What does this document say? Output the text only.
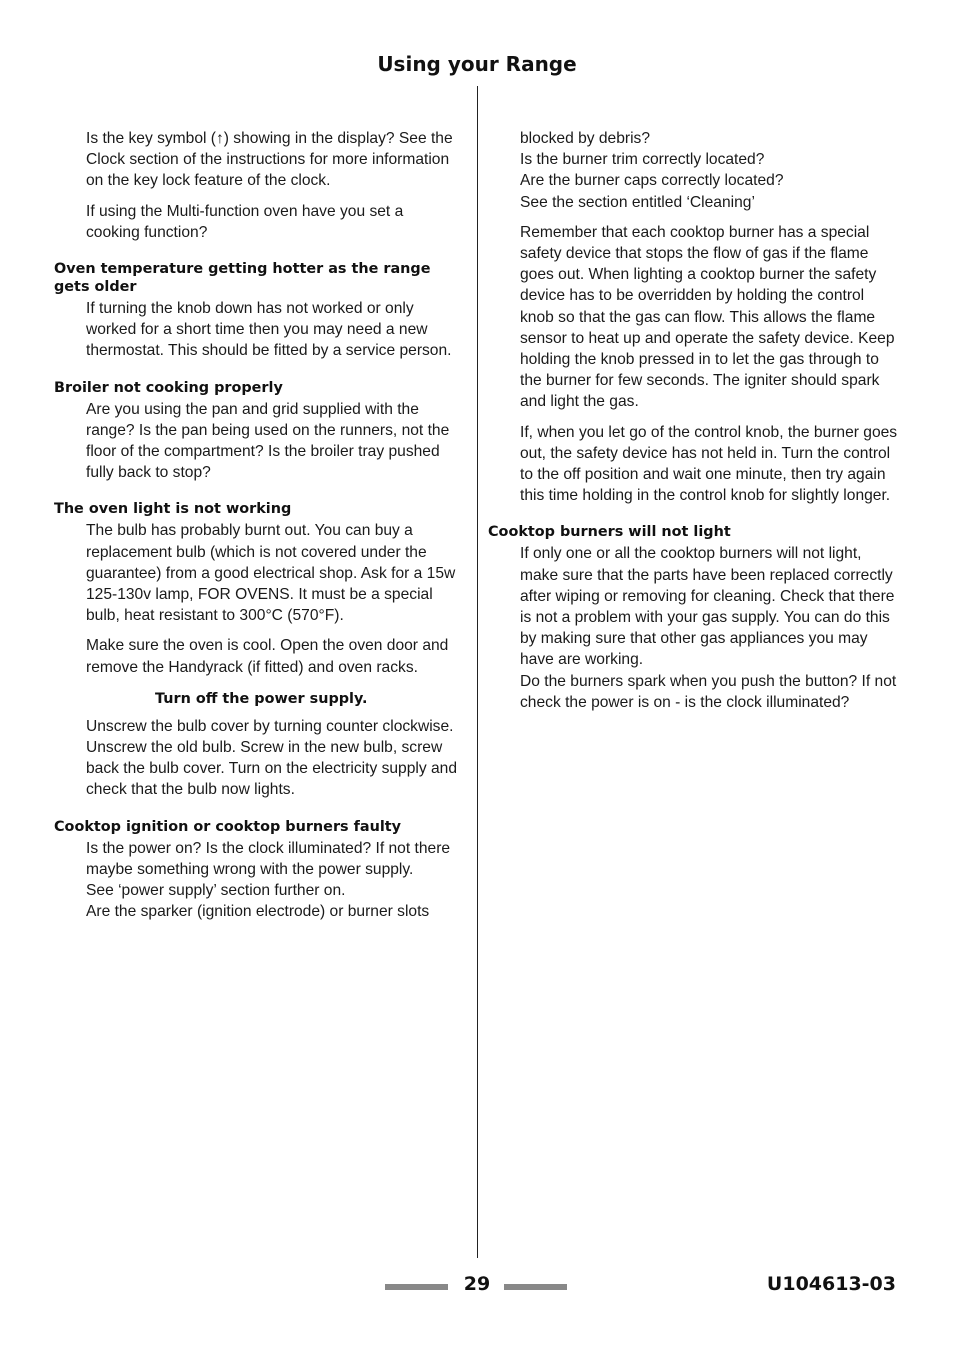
Using your Range

Is the key symbol (↑) showing in the display? See the Clock section of the instructions for more information on the key lock feature of the clock.

If using the Multi-function oven have you set a cooking function?

Oven temperature getting hotter as the range gets older

If turning the knob down has not worked or only worked for a short time then you may need a new thermostat. This should be fitted by a service person.

Broiler not cooking properly

Are you using the pan and grid supplied with the range? Is the pan being used on the runners, not the floor of the compartment? Is the broiler tray pushed fully back to stop?

The oven light is not working

The bulb has probably burnt out. You can buy a replacement bulb (which is not covered under the guarantee) from a good electrical shop. Ask for a 15w 125-130v lamp, FOR OVENS. It must be a special bulb, heat resistant to 300°C (570°F).

Make sure the oven is cool. Open the oven door and remove the Handyrack (if fitted) and oven racks.

Turn off the power supply.

Unscrew the bulb cover by turning counter clockwise. Unscrew the old bulb. Screw in the new bulb, screw back the bulb cover. Turn on the electricity supply and check that the bulb now lights.

Cooktop ignition or cooktop burners faulty

Is the power on? Is the clock illuminated? If not there maybe something wrong with the power supply.

See ‘power supply’ section further on.

Are the sparker (ignition electrode) or burner slots

blocked by debris?

Is the burner trim correctly located?

Are the burner caps correctly located?

See the section entitled ‘Cleaning’

Remember that each cooktop burner has a special safety device that stops the flow of gas if the flame goes out. When lighting a cooktop burner the safety device has to be overridden by holding the control knob so that the gas can flow. This allows the flame sensor to heat up and operate the safety device. Keep holding the knob pressed in to let the gas through to the burner for few seconds. The igniter should spark and light the gas.

If, when you let go of the control knob, the burner goes out, the safety device has not held in. Turn the control to the off position and wait one minute, then try again this time holding in the control knob for slightly longer.

Cooktop burners will not light

If only one or all the cooktop burners will not light, make sure that the parts have been replaced correctly after wiping or removing for cleaning. Check that there is not a problem with your gas supply. You can do this by making sure that other gas appliances you may have are working.

Do the burners spark when you push the button? If not check the power is on - is the clock illuminated?

29	U104613-03
